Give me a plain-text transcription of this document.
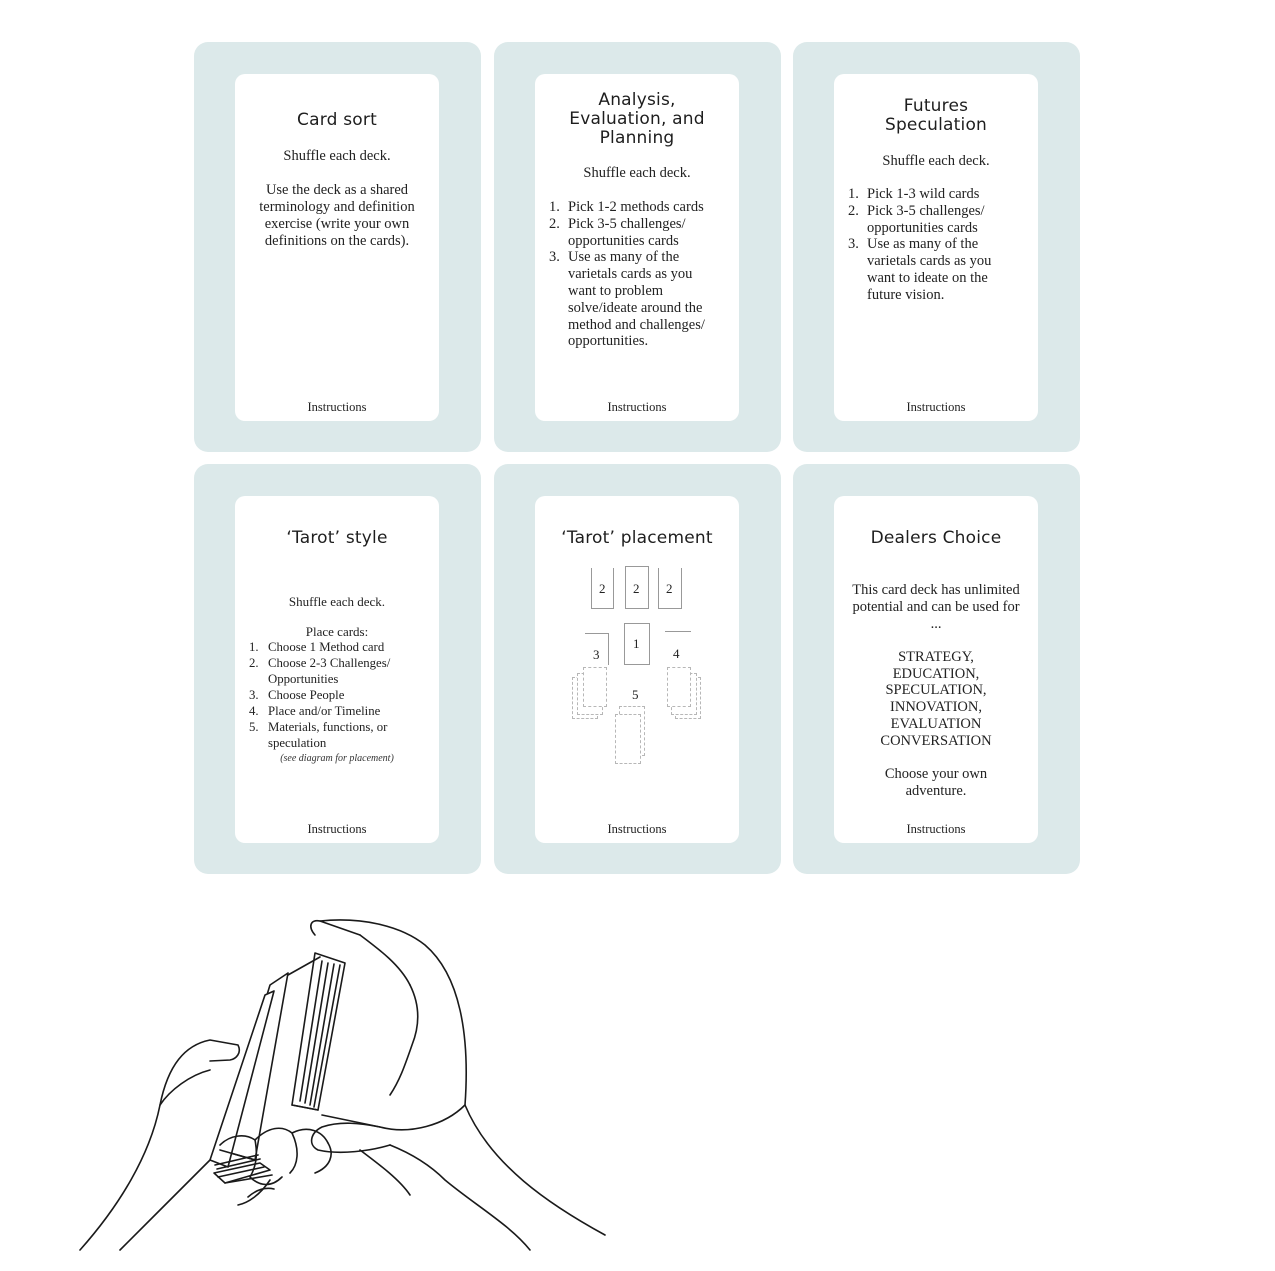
Card sort
Shuffle each deck.
Use the deck as a shared terminology and definition exercise (write your own definitions on the cards).
Instructions
Analysis,
Evaluation, and
Planning
Shuffle each deck.
1. Pick 1-2 methods cards
2. Pick 3-5 challenges/ opportunities cards
3. Use as many of the varietals cards as you want to problem solve/ideate around the method and challenges/ opportunities.
Instructions
Futures
Speculation
Shuffle each deck.
1. Pick 1-3 wild cards
2. Pick 3-5 challenges/ opportunities cards
3. Use as many of the varietals cards as you want to ideate on the future vision.
Instructions
‘Tarot’ style
Shuffle each deck.
Place cards:
1. Choose 1 Method card
2. Choose 2-3 Challenges/ Opportunities
3. Choose People
4. Place and/or Timeline
5. Materials, functions, or speculation
(see diagram for placement)
Instructions
‘Tarot’ placement
2 2 2
1
3	4
5
Instructions
Dealers Choice
This card deck has unlimited potential and can be used for ...
STRATEGY,
EDUCATION,
SPECULATION,
INNOVATION,
EVALUATION
CONVERSATION
Choose your own adventure.
Instructions
